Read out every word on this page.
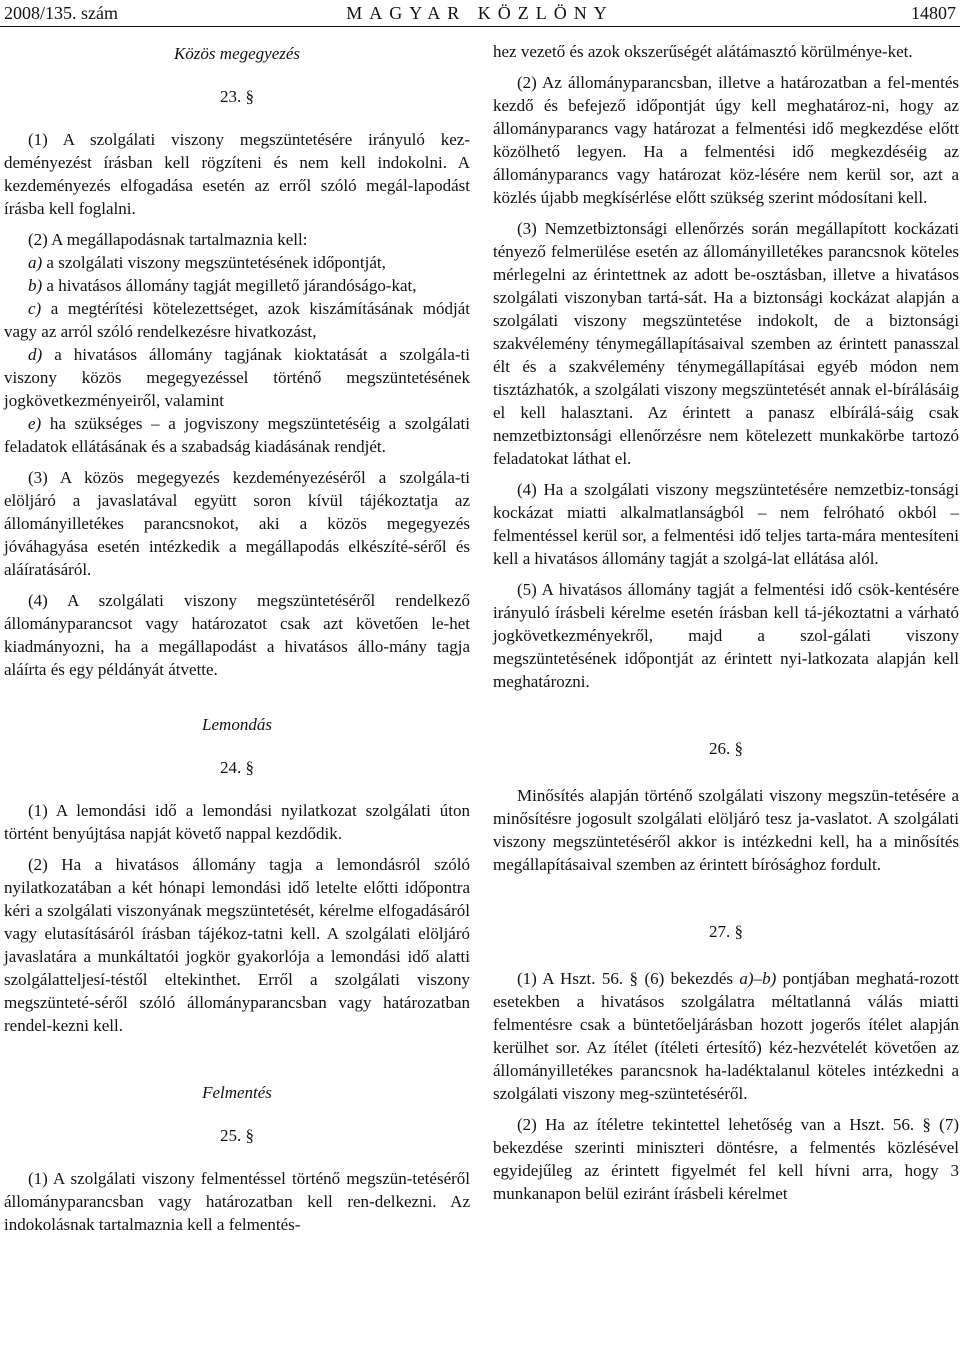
2008/135. szám	MAGYAR KÖZLÖNY	14807

Közös megegyezés

23. §

(1) A szolgálati viszony megszüntetésére irányuló kez-deményezést írásban kell rögzíteni és nem kell indokolni. A kezdeményezés elfogadása esetén az erről szóló megál-lapodást írásba kell foglalni.

(2) A megállapodásnak tartalmaznia kell:

a) a szolgálati viszony megszüntetésének időpontját,

b) a hivatásos állomány tagját megillető járandóságo-kat,

c) a megtérítési kötelezettséget, azok kiszámításának módját vagy az arról szóló rendelkezésre hivatkozást,

d) a hivatásos állomány tagjának kioktatását a szolgála-ti viszony közös megegyezéssel történő megszüntetésének jogkövetkezményeiről, valamint

e) ha szükséges – a jogviszony megszüntetéséig a szolgálati feladatok ellátásának és a szabadság kiadásának rendjét.

(3) A közös megegyezés kezdeményezéséről a szolgála-ti elöljáró a javaslatával együtt soron kívül tájékoztatja az állományilletékes parancsnokot, aki a közös megegyezés jóváhagyása esetén intézkedik a megállapodás elkészíté-séről és aláíratásáról.

(4) A szolgálati viszony megszüntetéséről rendelkező állományparancsot vagy határozatot csak azt követően le-het kiadmányozni, ha a megállapodást a hivatásos állo-mány tagja aláírta és egy példányát átvette.

Lemondás

24. §

(1) A lemondási idő a lemondási nyilatkozat szolgálati úton történt benyújtása napját követő nappal kezdődik.

(2) Ha a hivatásos állomány tagja a lemondásról szóló nyilatkozatában a két hónapi lemondási idő letelte előtti időpontra kéri a szolgálati viszonyának megszüntetését, kérelme elfogadásáról vagy elutasításáról írásban tájékoz-tatni kell. A szolgálati elöljáró javaslatára a munkáltatói jogkör gyakorlója a lemondási idő alatti szolgálatteljesí-téstől eltekinthet. Erről a szolgálati viszony megszünteté-séről szóló állományparancsban vagy határozatban rendel-kezni kell.

Felmentés

25. §

(1) A szolgálati viszony felmentéssel történő megszün-tetéséről állományparancsban vagy határozatban kell ren-delkezni. Az indokolásnak tartalmaznia kell a felmentés-

hez vezető és azok okszerűségét alátámasztó körülménye-ket.

(2) Az állományparancsban, illetve a határozatban a fel-mentés kezdő és befejező időpontját úgy kell meghatároz-ni, hogy az állományparancs vagy határozat a felmentési idő megkezdése előtt közölhető legyen. Ha a felmentési idő megkezdéséig az állományparancs vagy határozat köz-lésére nem kerül sor, azt a közlés újabb megkísérlése előtt szükség szerint módosítani kell.

(3) Nemzetbiztonsági ellenőrzés során megállapított kockázati tényező felmerülése esetén az állományilletékes parancsnok köteles mérlegelni az érintettnek az adott be-osztásban, illetve a hivatásos szolgálati viszonyban tartá-sát. Ha a biztonsági kockázat alapján a szolgálati viszony megszüntetése indokolt, de a biztonsági szakvélemény ténymegállapításaival szemben az érintett panasszal élt és a szakvélemény ténymegállapításai egyéb módon nem tisztázhatók, a szolgálati viszony megszüntetését annak el-bírálásáig el kell halasztani. Az érintett a panasz elbírálá-sáig csak nemzetbiztonsági ellenőrzésre nem kötelezett munkakörbe tartozó feladatokat láthat el.

(4) Ha a szolgálati viszony megszüntetésére nemzetbiz-tonsági kockázat miatti alkalmatlanságból – nem felróható okból – felmentéssel kerül sor, a felmentési idő teljes tarta-mára mentesíteni kell a hivatásos állomány tagját a szolgá-lat ellátása alól.

(5) A hivatásos állomány tagját a felmentési idő csök-kentésére irányuló írásbeli kérelme esetén írásban kell tá-jékoztatni a várható jogkövetkezményekről, majd a szol-gálati viszony megszüntetésének időpontját az érintett nyi-latkozata alapján kell meghatározni.

26. §

Minősítés alapján történő szolgálati viszony megszün-tetésére a minősítésre jogosult szolgálati elöljáró tesz ja-vaslatot. A szolgálati viszony megszüntetéséről akkor is intézkedni kell, ha a minősítés megállapításaival szemben az érintett bírósághoz fordult.

27. §

(1) A Hszt. 56. § (6) bekezdés a)–b) pontjában meghatá-rozott esetekben a hivatásos szolgálatra méltatlanná válás miatti felmentésre csak a büntetőeljárásban hozott jogerős ítélet alapján kerülhet sor. Az ítélet (ítéleti értesítő) kéz-hezvételét követően az állományilletékes parancsnok ha-ladéktalanul köteles intézkedni a szolgálati viszony meg-szüntetéséről.

(2) Ha az ítéletre tekintettel lehetőség van a Hszt. 56. § (7) bekezdése szerinti miniszteri döntésre, a felmentés közlésével egyidejűleg az érintett figyelmét fel kell hívni arra, hogy 3 munkanapon belül eziránt írásbeli kérelmet
